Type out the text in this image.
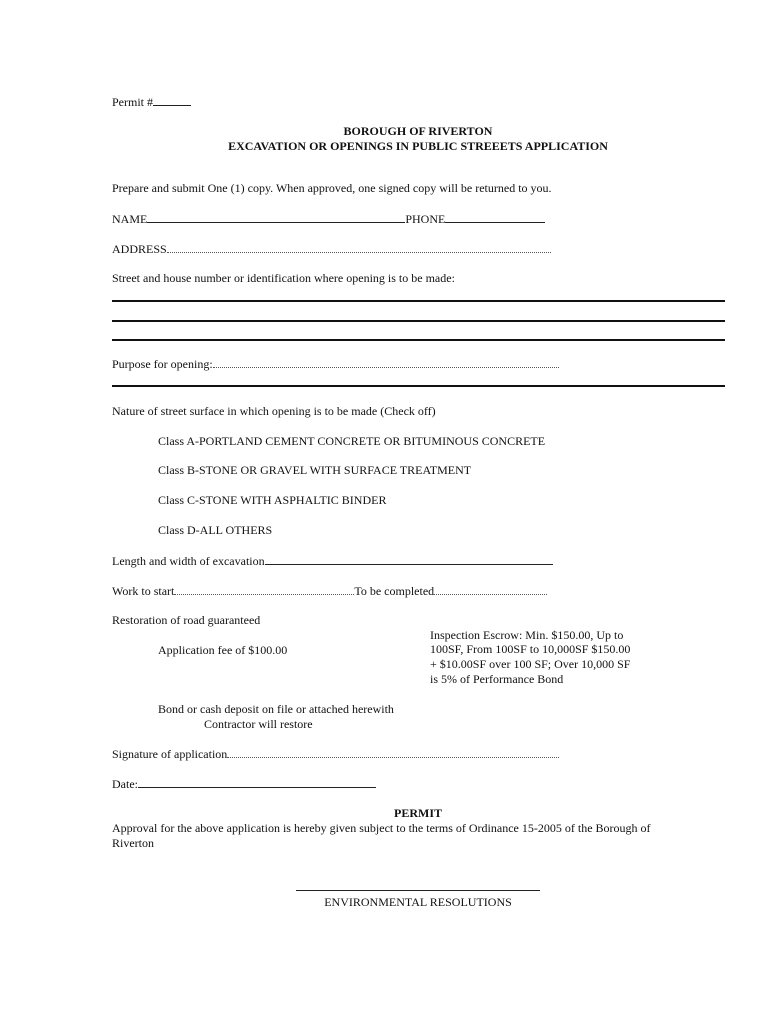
Permit #
BOROUGH OF RIVERTON
EXCAVATION OR OPENINGS IN PUBLIC STREEETS APPLICATION
Prepare and submit One (1) copy. When approved, one signed copy will be returned to you.
NAME	PHONE
ADDRESS
Street and house number or identification where opening is to be made:
Purpose for opening:
Nature of street surface in which opening is to be made (Check off)
Class A-PORTLAND CEMENT CONCRETE OR BITUMINOUS CONCRETE
Class B-STONE OR GRAVEL WITH SURFACE TREATMENT
Class C-STONE WITH ASPHALTIC BINDER
Class D-ALL OTHERS
Length and width of excavation
Work to start	To be completed
Restoration of road guaranteed
Application fee of $100.00
Inspection Escrow: Min. $150.00, Up to
100SF, From 100SF to 10,000SF $150.00
+ $10.00SF over 100 SF; Over 10,000 SF
is 5% of Performance Bond
Bond or cash deposit on file or attached herewith
Contractor will restore
Signature of application
Date:
PERMIT
Approval for the above application is hereby given subject to the terms of Ordinance 15-2005 of the Borough of Riverton
ENVIRONMENTAL RESOLUTIONS
